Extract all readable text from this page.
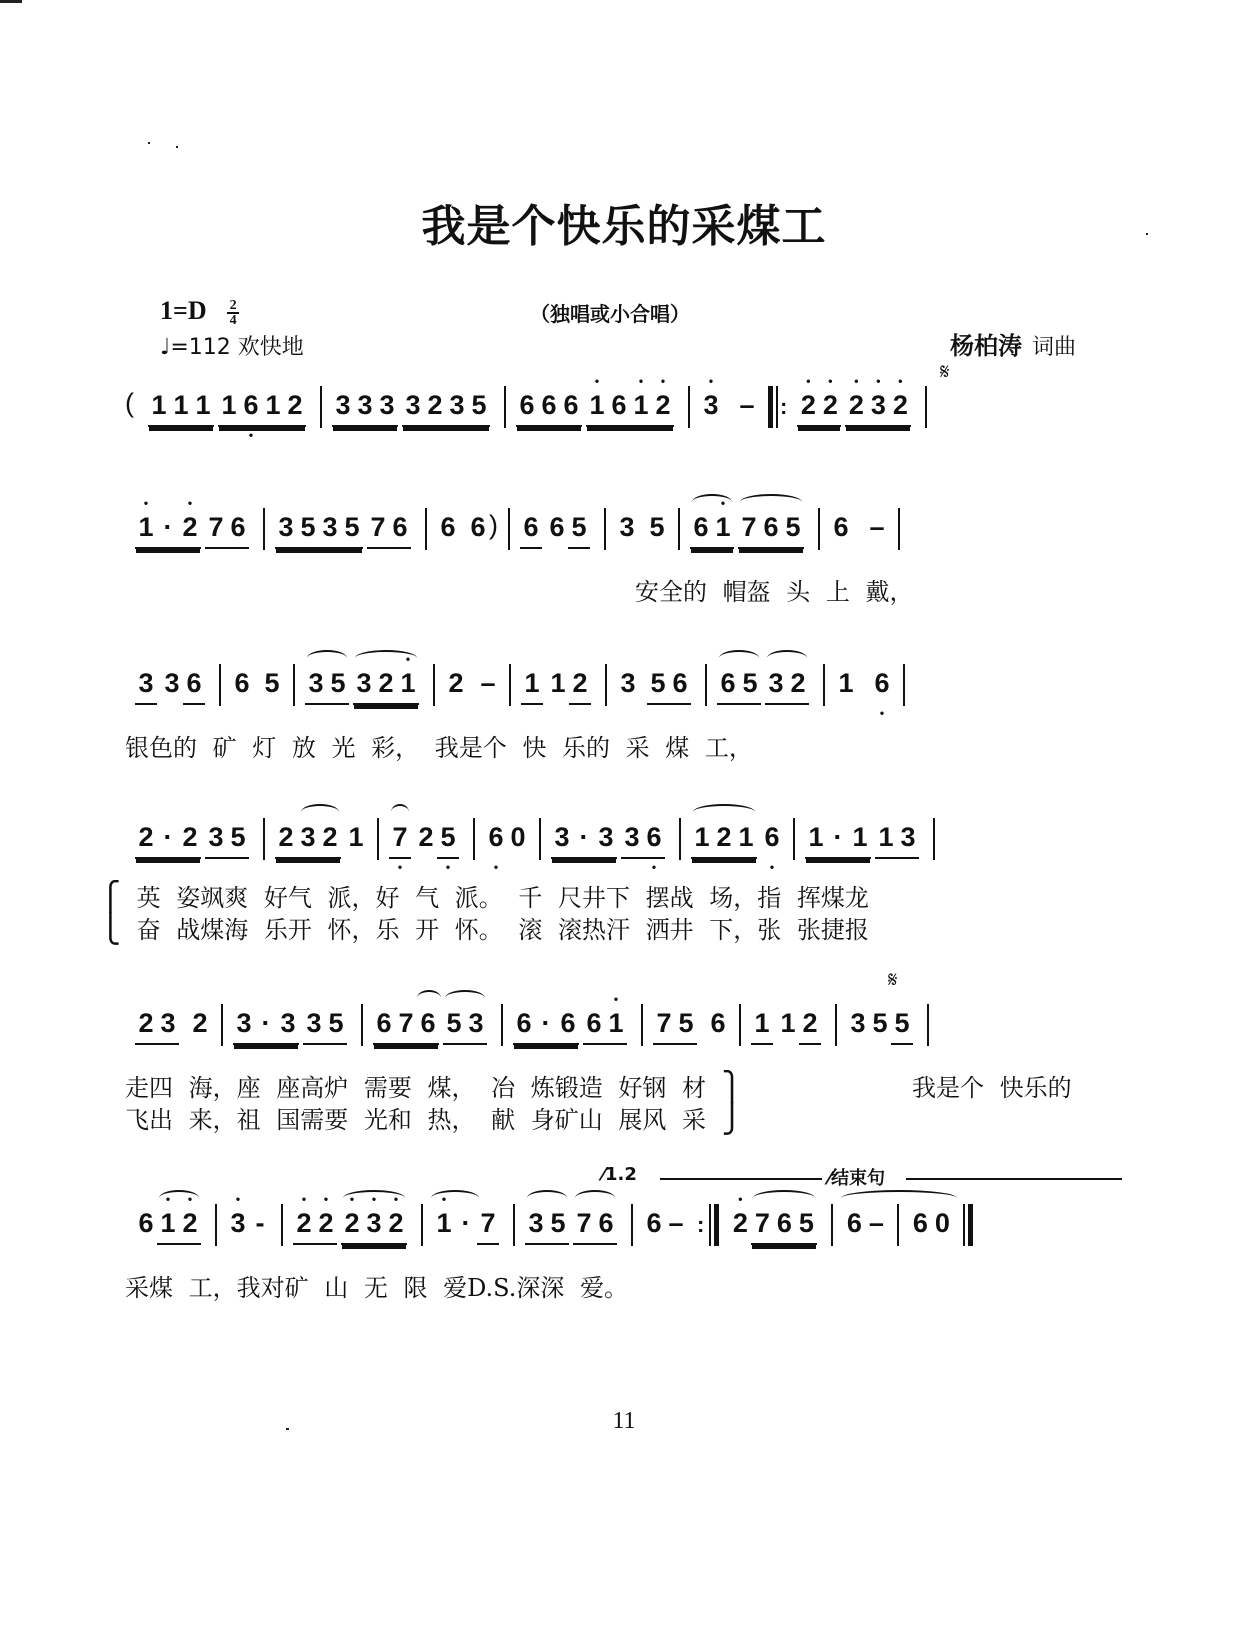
我是个快乐的采煤工
$1=D \frac{2}{4}$
♩=112 欢快地
（独唱或小合唱）
杨柏涛 词曲
𝄋
𝄋
( 1 1 1 1 6 • 1 2 3 3 3 3 2 3 5 6 6 6 • 1 6 • 1 • 2 • 3 – : • 2 • 2 • 2 • 3 • 2
• 1 · • 2 7 6 3 5 3 5 7 6 6 6 ) 6 6 5 3 5 6 • 1 7 6 5 6 –
安全的 帽盔 头 上 戴，
3 3 6 6 5 3 5 3 2 • 1 2 – 1 1 2 3 5 6 6 5 3 2 1 6 •
银色的 矿 灯 放 光 彩， 我是个 快 乐的 采 煤 工，
2 · 2 3 5 2 3 2 1 7 • 2 5 • 6 • 0 3 · 3 3 6 • 1 2 1 6 • 1 · 1 1 3
⎧ 英 姿飒爽 好气 派，好 气 派。 千 尺井下 摆战 场，指 挥煤龙
⎩ 奋 战煤海 乐开 怀，乐 开 怀。 滚 滚热汗 洒井 下，张 张捷报
2 3 2 3 · 3 3 5 6 7 6 5 3 6 · 6 6 • 1 7 5 6 1 1 2 3 5 5
走四 海，座 座高炉 需要 煤， 冶 炼锻造 好钢 材 ⎫
飞出 来，祖 国需要 光和 热， 献 身矿山 展风 采 ⎭
我是个 快乐的
⁄1.2	⁄结束句
6 • 1 • 2 • 3 - • 2 • 2 • 2 • 3 • 2 • 1 · 7 3 5 7 6 6 – : • 2 7 6 5 6 – 6 0
采煤 工，我对矿 山 无 限 爱D.S.深深 爱。
11
